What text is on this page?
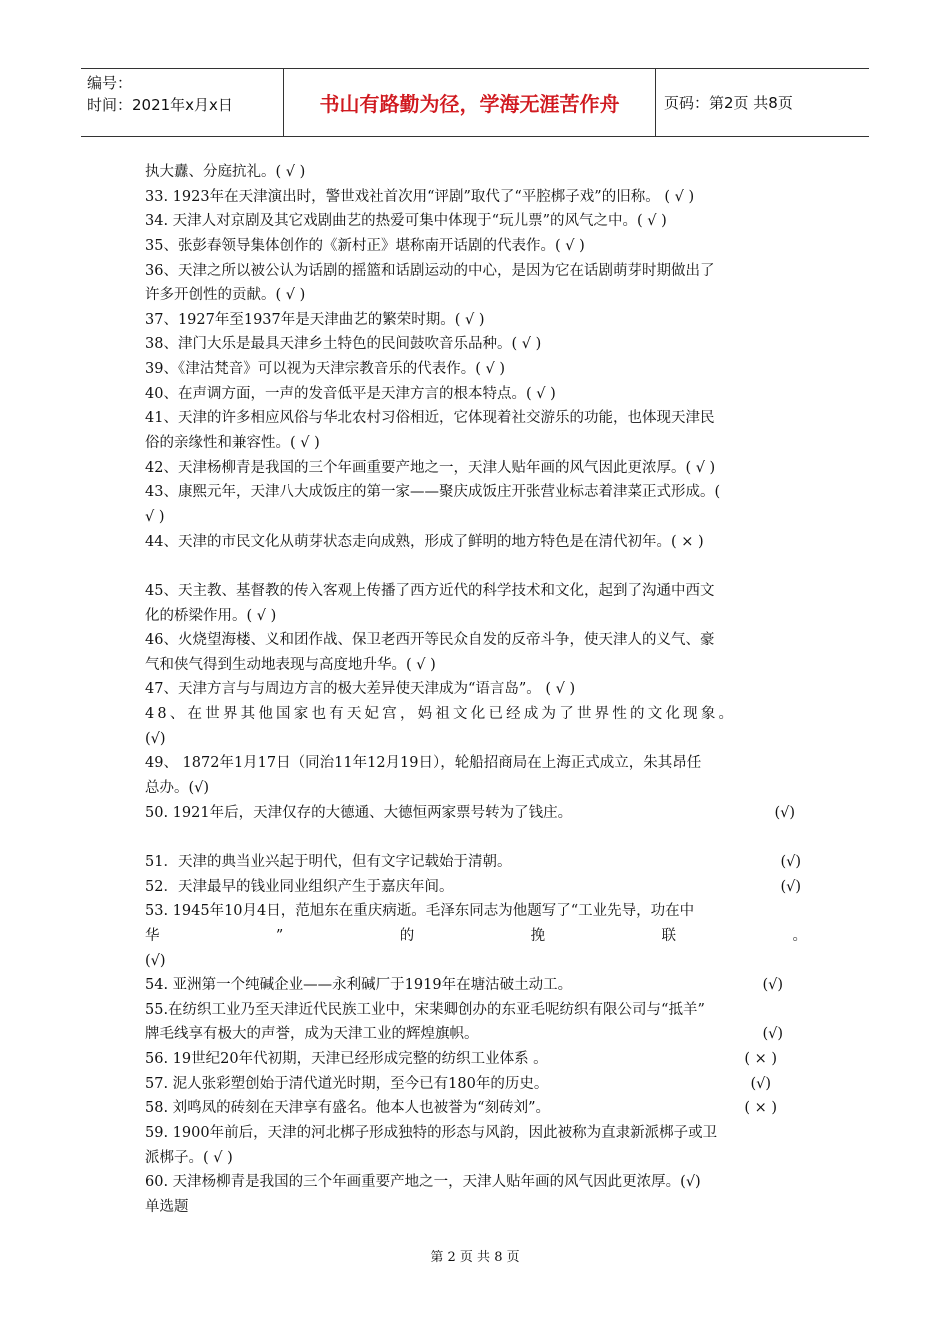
编号：
时间：2021年x月x日	书山有路勤为径，学海无涯苦作舟	页码：第2页 共8页
执大纛、分庭抗礼。( √ )
33. 1923年在天津演出时，警世戏社首次用“评剧”取代了“平腔梆子戏”的旧称。 ( √ )
34. 天津人对京剧及其它戏剧曲艺的热爱可集中体现于“玩儿票”的风气之中。( √ )
35、张彭春领导集体创作的《新村正》堪称南开话剧的代表作。( √ )
36、天津之所以被公认为话剧的摇篮和话剧运动的中心，是因为它在话剧萌芽时期做出了
许多开创性的贡献。( √ )
37、1927年至1937年是天津曲艺的繁荣时期。( √ )
38、津门大乐是最具天津乡土特色的民间鼓吹音乐品种。( √ )
39、《津沽梵音》可以视为天津宗教音乐的代表作。( √ )
40、在声调方面，一声的发音低平是天津方言的根本特点。( √ )
41、天津的许多相应风俗与华北农村习俗相近，它体现着社交游乐的功能，也体现天津民
俗的亲缘性和兼容性。( √ )
42、天津杨柳青是我国的三个年画重要产地之一，天津人贴年画的风气因此更浓厚。( √ )
43、康熙元年，天津八大成饭庄的第一家——聚庆成饭庄开张营业标志着津菜正式形成。(
√ )
44、天津的市民文化从萌芽状态走向成熟，形成了鲜明的地方特色是在清代初年。( × )
45、天主教、基督教的传入客观上传播了西方近代的科学技术和文化，起到了沟通中西文
化的桥梁作用。( √ )
46、火烧望海楼、义和团作战、保卫老西开等民众自发的反帝斗争，使天津人的义气、豪
气和侠气得到生动地表现与高度地升华。( √ )
47、天津方言与与周边方言的极大差异使天津成为“语言岛”。 ( √ )
48、在世界其他国家也有天妃宫，妈祖文化已经成为了世界性的文化现象。
(√)
49、 1872年1月17日（同治11年12月19日），轮船招商局在上海正式成立，朱其昂任
总办。(√)
50. 1921年后，天津仅存的大德通、大德恒两家票号转为了钱庄。	(√)
51．天津的典当业兴起于明代，但有文字记载始于清朝。	(√)
52．天津最早的钱业同业组织产生于嘉庆年间。	(√)
53. 1945年10月4日，范旭东在重庆病逝。毛泽东同志为他题写了“工业先导，功在中
华	”	的	挽	联	。
(√)
54. 亚洲第一个纯碱企业——永利碱厂于1919年在塘沽破土动工。	(√)
55.在纺织工业乃至天津近代民族工业中，宋棐卿创办的东亚毛呢纺织有限公司与“抵羊”
牌毛线享有极大的声誉，成为天津工业的辉煌旗帜。	(√)
56. 19世纪20年代初期，天津已经形成完整的纺织工业体系 。	( × )
57. 泥人张彩塑创始于清代道光时期，至今已有180年的历史。	(√)
58. 刘鸣凤的砖刻在天津享有盛名。他本人也被誉为“刻砖刘”。	( × )
59. 1900年前后，天津的河北梆子形成独特的形态与风韵，因此被称为直隶新派梆子或卫
派梆子。( √ )
60. 天津杨柳青是我国的三个年画重要产地之一，天津人贴年画的风气因此更浓厚。(√)
单选题
第 2 页 共 8 页
